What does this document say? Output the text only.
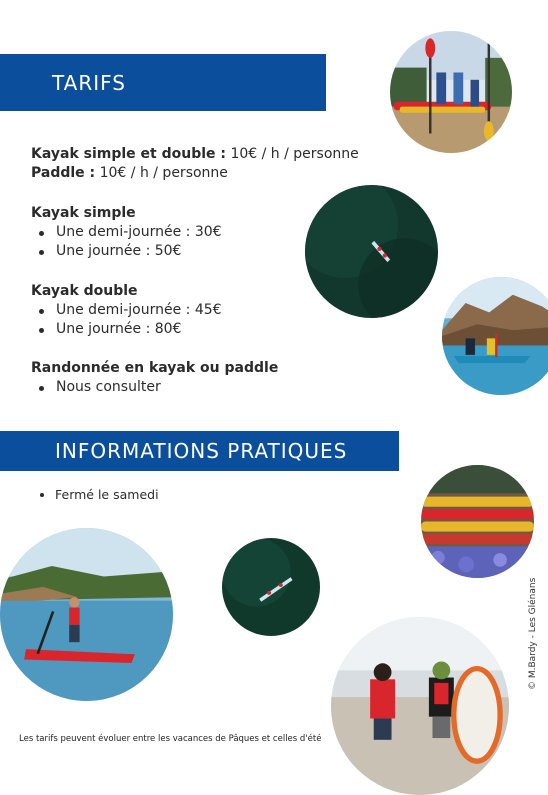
TARIFS
Kayak simple et double : 10€ / h / personne
Paddle : 10€ / h / personne
Kayak simple
Une demi-journée : 30€
Une journée : 50€
Kayak double
Une demi-journée : 45€
Une journée : 80€
Randonnée en kayak ou paddle
Nous consulter
INFORMATIONS PRATIQUES
Fermé le samedi
Les tarifs peuvent évoluer entre les vacances de Pâques et celles d'été
© M.Bardy - Les Glénans
